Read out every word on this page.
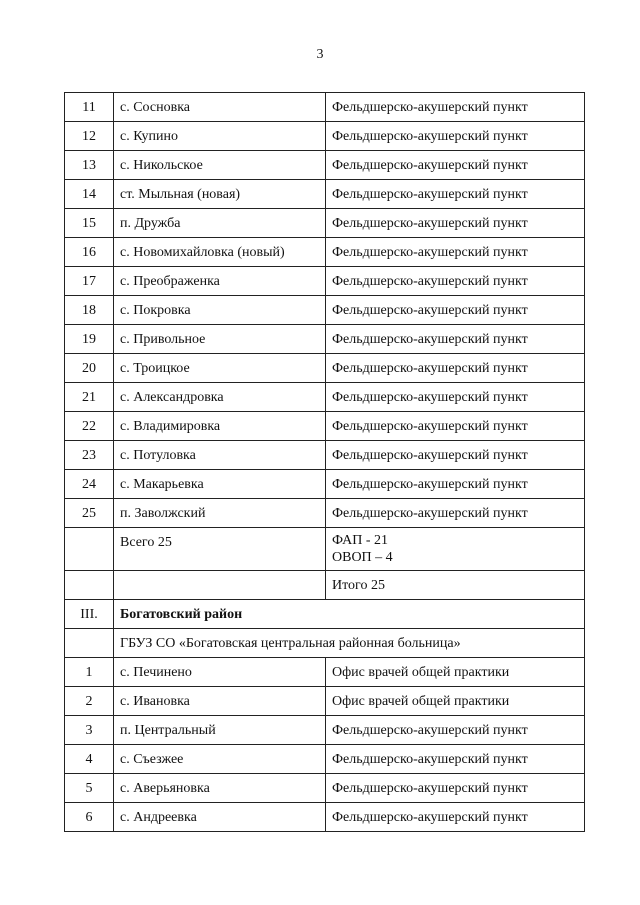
3
11	с. Сосновка	Фельдшерско-акушерский пункт
12	с. Купино	Фельдшерско-акушерский пункт
13	с. Никольское	Фельдшерско-акушерский пункт
14	ст. Мыльная (новая)	Фельдшерско-акушерский пункт
15	п. Дружба	Фельдшерско-акушерский пункт
16	с. Новомихайловка (новый)	Фельдшерско-акушерский пункт
17	с. Преображенка	Фельдшерско-акушерский пункт
18	с. Покровка	Фельдшерско-акушерский пункт
19	с. Привольное	Фельдшерско-акушерский пункт
20	с. Троицкое	Фельдшерско-акушерский пункт
21	с. Александровка	Фельдшерско-акушерский пункт
22	с. Владимировка	Фельдшерско-акушерский пункт
23	с. Потуловка	Фельдшерско-акушерский пункт
24	с. Макарьевка	Фельдшерско-акушерский пункт
25	п. Заволжский	Фельдшерско-акушерский пункт
	Всего 25	ФАП - 21
ОВОП – 4

		Итого 25
III.	Богатовский район	
	ГБУЗ СО «Богатовская центральная районная больница»	
1	с. Печинено	Офис врачей общей практики
2	с. Ивановка	Офис врачей общей практики
3	п. Центральный	Фельдшерско-акушерский пункт
4	с. Съезжее	Фельдшерско-акушерский пункт
5	с. Аверьяновка	Фельдшерско-акушерский пункт
6	с. Андреевка	Фельдшерско-акушерский пункт
